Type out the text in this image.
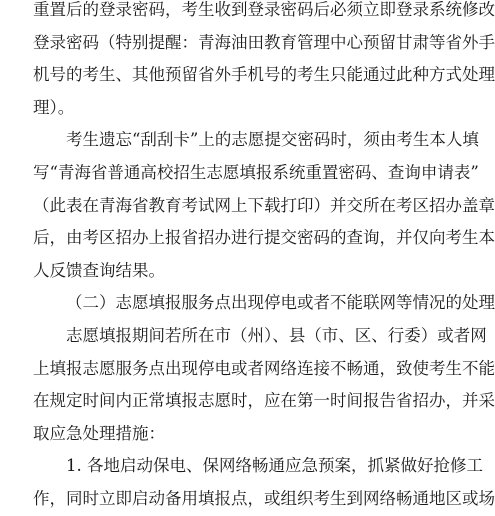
重置后的登录密码，考生收到登录密码后必须立即登录系统修改
登录密码（特别提醒：青海油田教育管理中心预留甘肃等省外手
机号的考生、其他预留省外手机号的考生只能通过此种方式处理
理）。
考生遗忘“刮刮卡”上的志愿提交密码时，须由考生本人填
写“青海省普通高校招生志愿填报系统重置密码、查询申请表”
（此表在青海省教育考试网上下载打印）并交所在考区招办盖章
后，由考区招办上报省招办进行提交密码的查询，并仅向考生本
人反馈查询结果。
（二）志愿填报服务点出现停电或者不能联网等情况的处理
志愿填报期间若所在市（州）、县（市、区、行委）或者网
上填报志愿服务点出现停电或者网络连接不畅通，致使考生不能
在规定时间内正常填报志愿时，应在第一时间报告省招办，并采
取应急处理措施：
1. 各地启动保电、保网络畅通应急预案，抓紧做好抢修工
作，同时立即启动备用填报点，或组织考生到网络畅通地区或场
